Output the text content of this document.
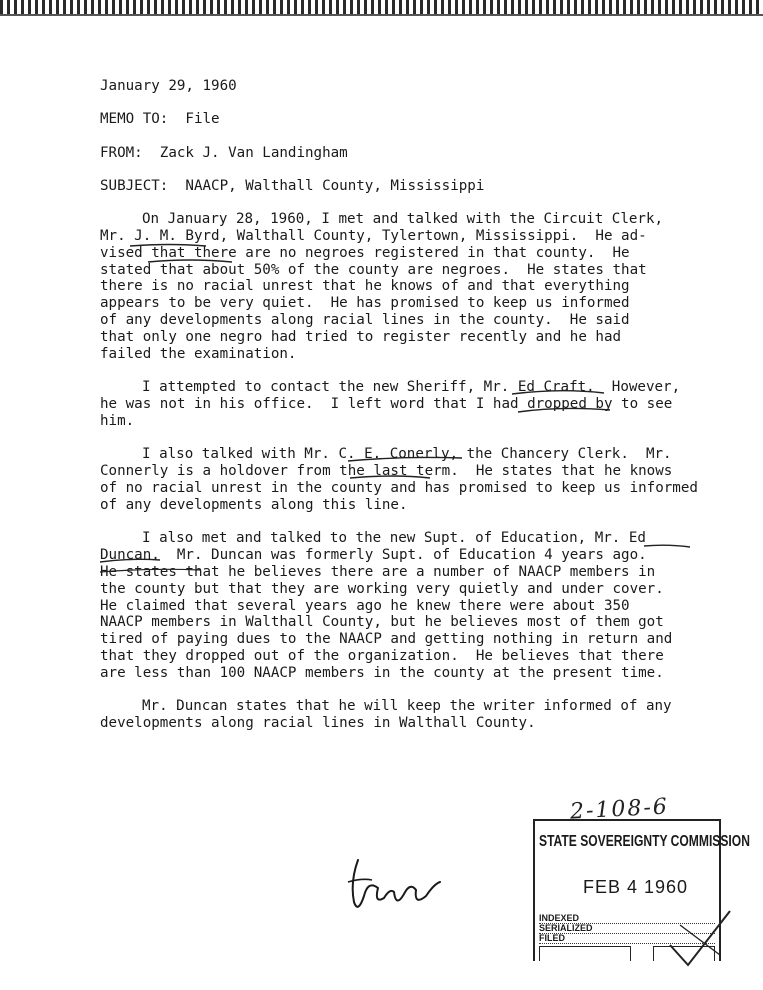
January 29, 1960
MEMO TO:  File
FROM:  Zack J. Van Landingham
SUBJECT:  NAACP, Walthall County, Mississippi
On January 28, 1960, I met and talked with the Circuit Clerk,
Mr. J. M. Byrd, Walthall County, Tylertown, Mississippi.  He ad-
vised that there are no negroes registered in that county.  He
stated that about 50% of the county are negroes.  He states that
there is no racial unrest that he knows of and that everything
appears to be very quiet.  He has promised to keep us informed
of any developments along racial lines in the county.  He said
that only one negro had tried to register recently and he had
failed the examination.
I attempted to contact the new Sheriff, Mr. Ed Craft.  However,
he was not in his office.  I left word that I had dropped by to see
him.
I also talked with Mr. C. E. Conerly, the Chancery Clerk.  Mr.
Connerly is a holdover from the last term.  He states that he knows
of no racial unrest in the county and has promised to keep us informed
of any developments along this line.
I also met and talked to the new Supt. of Education, Mr. Ed
Duncan.  Mr. Duncan was formerly Supt. of Education 4 years ago.
He states that he believes there are a number of NAACP members in
the county but that they are working very quietly and under cover.
He claimed that several years ago he knew there were about 350
NAACP members in Walthall County, but he believes most of them got
tired of paying dues to the NAACP and getting nothing in return and
that they dropped out of the organization.  He believes that there
are less than 100 NAACP members in the county at the present time.
Mr. Duncan states that he will keep the writer informed of any
developments along racial lines in Walthall County.
2-108-6
STATE SOVEREIGNTY COMMISSION
FEB 4 1960
INDEXED
SERIALIZED
FILED
